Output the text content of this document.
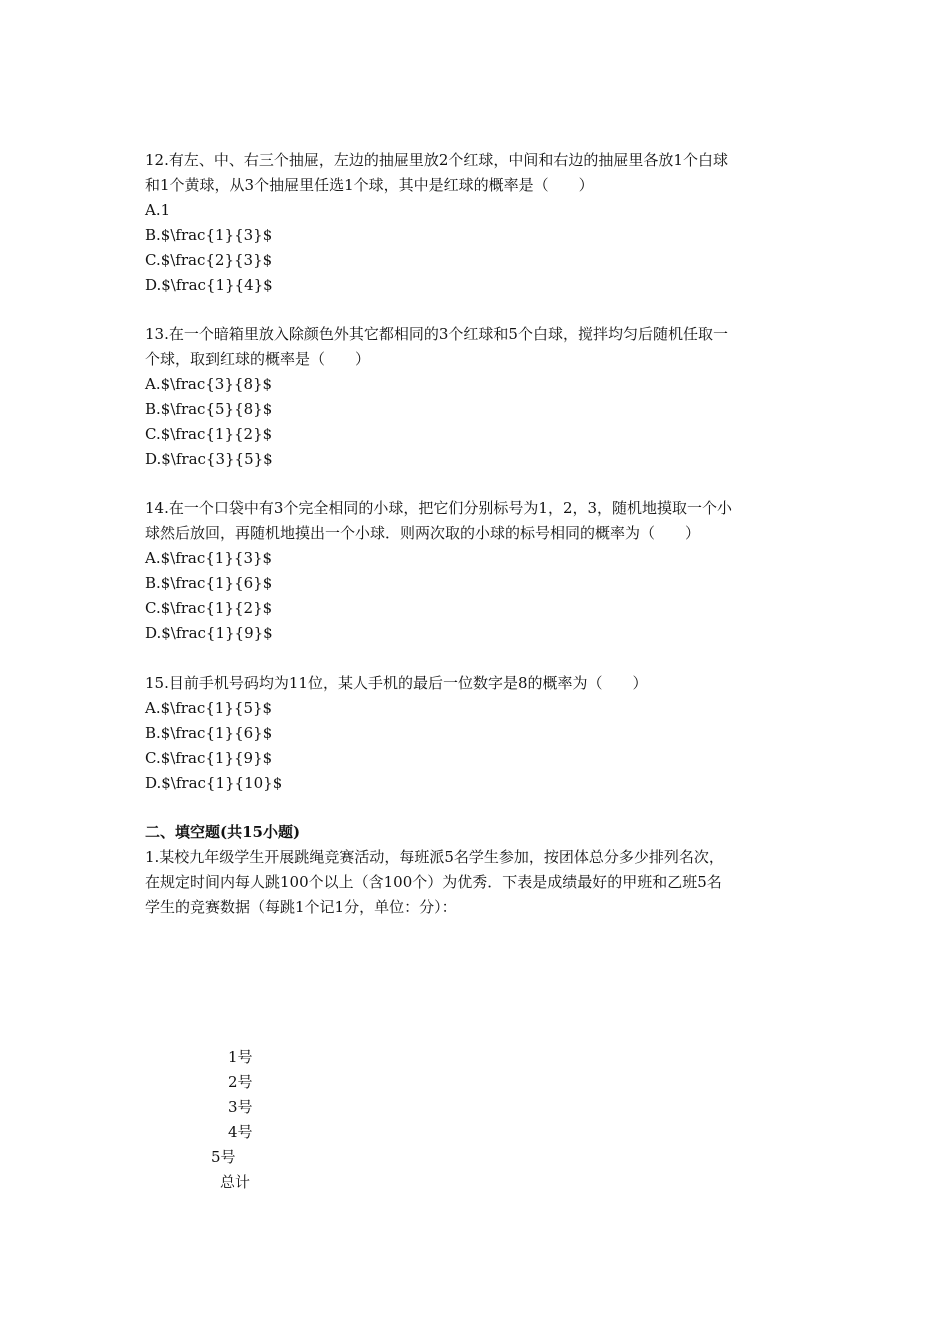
12.有左、中、右三个抽屉，左边的抽屉里放2个红球，中间和右边的抽屉里各放1个白球
和1个黄球，从3个抽屉里任选1个球，其中是红球的概率是（　　）
A.1
B.$\frac{1}{3}$
C.$\frac{2}{3}$
D.$\frac{1}{4}$
13.在一个暗箱里放入除颜色外其它都相同的3个红球和5个白球，搅拌均匀后随机任取一
个球，取到红球的概率是（　　）
A.$\frac{3}{8}$
B.$\frac{5}{8}$
C.$\frac{1}{2}$
D.$\frac{3}{5}$
14.在一个口袋中有3个完全相同的小球，把它们分别标号为1，2，3，随机地摸取一个小
球然后放回，再随机地摸出一个小球．则两次取的小球的标号相同的概率为（　　）
A.$\frac{1}{3}$
B.$\frac{1}{6}$
C.$\frac{1}{2}$
D.$\frac{1}{9}$
15.目前手机号码均为11位，某人手机的最后一位数字是8的概率为（　　）
A.$\frac{1}{5}$
B.$\frac{1}{6}$
C.$\frac{1}{9}$
D.$\frac{1}{10}$
二、填空题(共15小题)
1.某校九年级学生开展跳绳竞赛活动，每班派5名学生参加，按团体总分多少排列名次，
在规定时间内每人跳100个以上（含100个）为优秀．下表是成绩最好的甲班和乙班5名
学生的竞赛数据（每跳1个记1分，单位：分）：
1号
2号
3号
4号
5号
总计
